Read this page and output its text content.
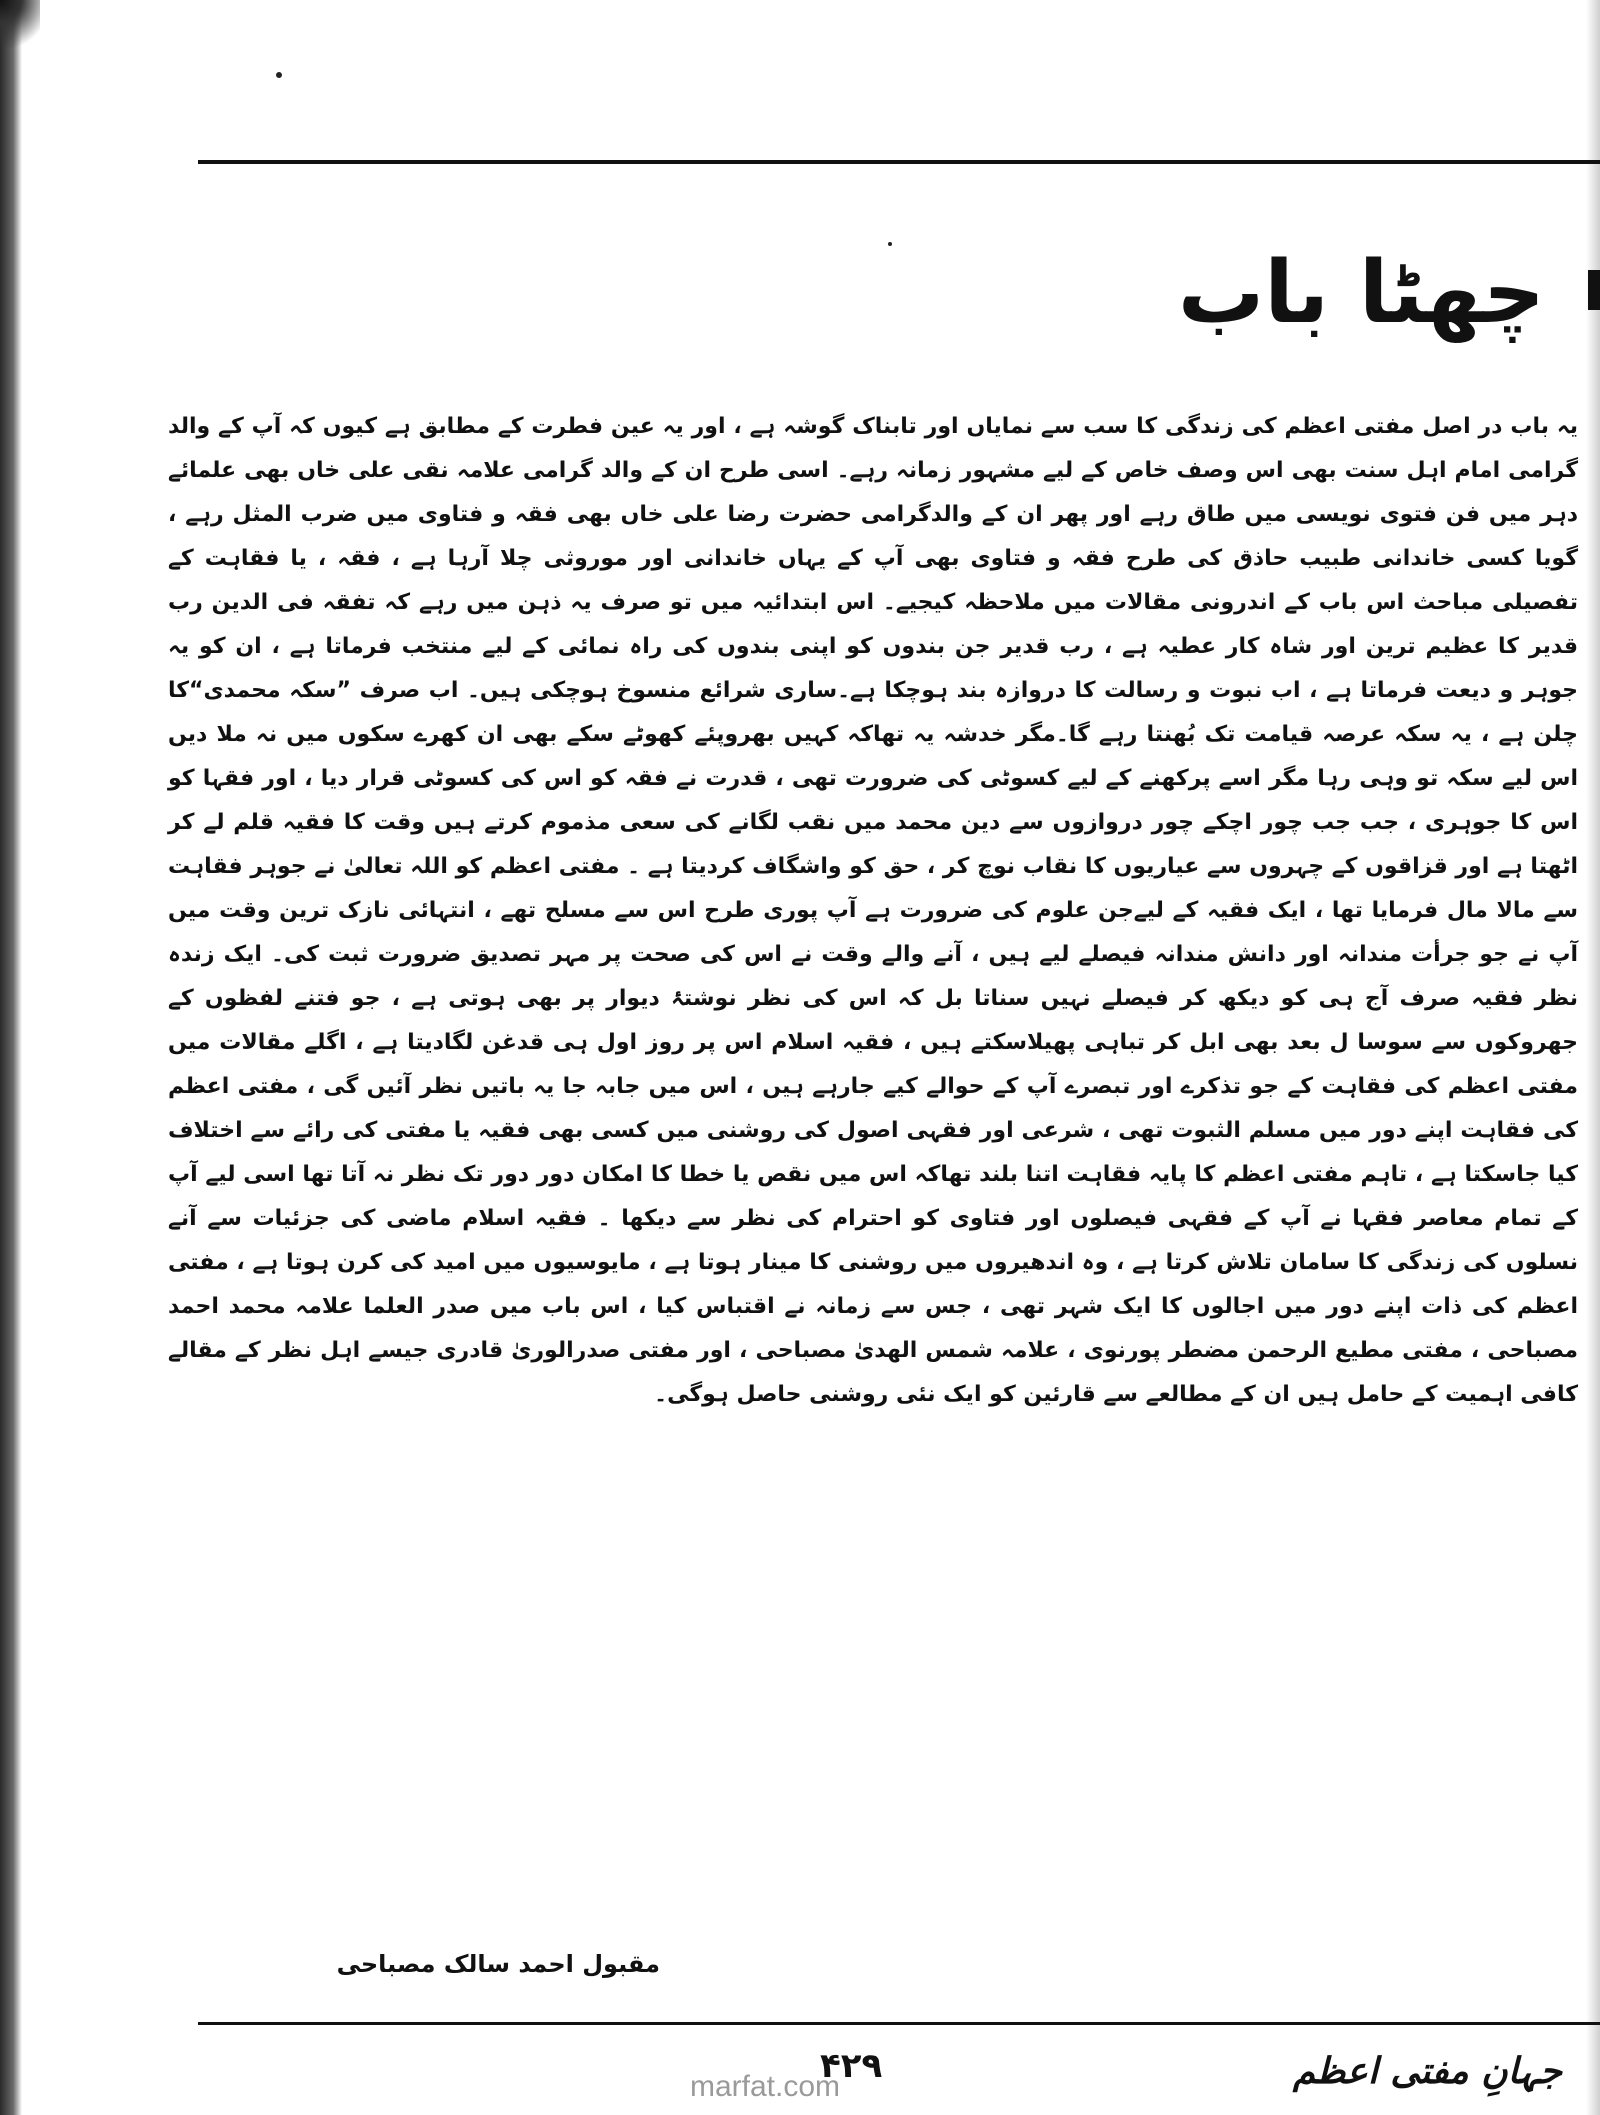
چھٹا باب

یہ باب در اصل مفتی اعظم کی زندگی کا سب سے نمایاں اور تابناک گوشہ ہے ، اور یہ عین فطرت کے مطابق ہے کیوں کہ آپ کے والد گرامی امام اہل سنت بھی اس وصف خاص کے لیے مشہور زمانہ رہے۔ اسی طرح ان کے والد گرامی علامہ نقی علی خاں بھی علمائے دہر میں فن فتوی نویسی میں طاق رہے اور پھر ان کے والدگرامی حضرت رضا علی خاں بھی فقہ و فتاوی میں ضرب المثل رہے ، گویا کسی خاندانی طبیب حاذق کی طرح فقہ و فتاوی بھی آپ کے یہاں خاندانی اور موروثی چلا آرہا ہے ، فقہ ، یا فقاہت کے تفصیلی مباحث اس باب کے اندرونی مقالات میں ملاحظہ کیجیے۔ اس ابتدائیہ میں تو صرف یہ ذہن میں رہے کہ تفقہ فی الدین رب قدیر کا عظیم ترین اور شاہ کار عطیہ ہے ، رب قدیر جن بندوں کو اپنی بندوں کی راہ نمائی کے لیے منتخب فرماتا ہے ، ان کو یہ جوہر و دیعت فرماتا ہے ، اب نبوت و رسالت کا دروازہ بند ہوچکا ہے۔ساری شرائع منسوخ ہوچکی ہیں۔ اب صرف ”سکہ محمدی“کا چلن ہے ، یہ سکہ عرصہ قیامت تک بُھنتا رہے گا۔مگر خدشہ یہ تھاکہ کہیں بھروپئے کھوٹے سکے بھی ان کھرے سکوں میں نہ ملا دیں اس لیے سکہ تو وہی رہا مگر اسے پرکھنے کے لیے کسوٹی کی ضرورت تھی ، قدرت نے فقہ کو اس کی کسوٹی قرار دیا ، اور فقہا کو اس کا جوہری ، جب جب چور اچکے چور دروازوں سے دین محمد میں نقب لگانے کی سعی مذموم کرتے ہیں وقت کا فقیہ قلم لے کر اٹھتا ہے اور قزاقوں کے چہروں سے عیاریوں کا نقاب نوچ کر ، حق کو واشگاف کردیتا ہے ۔ مفتی اعظم کو اللہ تعالیٰ نے جوہر فقاہت سے مالا مال فرمایا تھا ، ایک فقیہ کے لیےجن علوم کی ضرورت ہے آپ پوری طرح اس سے مسلح تھے ، انتہائی نازک ترین وقت میں آپ نے جو جرأت مندانہ اور دانش مندانہ فیصلے لیے ہیں ، آنے والے وقت نے اس کی صحت پر مہر تصدیق ضرورت ثبت کی۔ ایک زندہ نظر فقیہ صرف آج ہی کو دیکھ کر فیصلے نہیں سناتا بل کہ اس کی نظر نوشتۂ دیوار پر بھی ہوتی ہے ، جو فتنے لفظوں کے جھروکوں سے سوسا ل بعد بھی ابل کر تباہی پھیلاسکتے ہیں ، فقیہ اسلام اس پر روز اول ہی قدغن لگادیتا ہے ، اگلے مقالات میں مفتی اعظم کی فقاہت کے جو تذکرے اور تبصرے آپ کے حوالے کیے جارہے ہیں ، اس میں جابہ جا یہ باتیں نظر آئیں گی ، مفتی اعظم کی فقاہت اپنے دور میں مسلم الثبوت تھی ، شرعی اور فقہی اصول کی روشنی میں کسی بھی فقیہ یا مفتی کی رائے سے اختلاف کیا جاسکتا ہے ، تاہم مفتی اعظم کا پایہ فقاہت اتنا بلند تھاکہ اس میں نقص یا خطا کا امکان دور دور تک نظر نہ آتا تھا اسی لیے آپ کے تمام معاصر فقہا نے آپ کے فقہی فیصلوں اور فتاوی کو احترام کی نظر سے دیکھا ۔ فقیہ اسلام ماضی کی جزئیات سے آنے نسلوں کی زندگی کا سامان تلاش کرتا ہے ، وہ اندھیروں میں روشنی کا مینار ہوتا ہے ، مایوسیوں میں امید کی کرن ہوتا ہے ، مفتی اعظم کی ذات اپنے دور میں اجالوں کا ایک شہر تھی ، جس سے زمانہ نے اقتباس کیا ، اس باب میں صدر العلما علامہ محمد احمد مصباحی ، مفتی مطیع الرحمن مضطر پورنوی ، علامہ شمس الھدیٰ مصباحی ، اور مفتی صدرالوریٰ قادری جیسے اہل نظر کے مقالے کافی اہمیت کے حامل ہیں ان کے مطالعے سے قارئین کو ایک نئی روشنی حاصل ہوگی۔

مقبول احمد سالک مصباحی
جہانِ مفتی اعظم
۴۲۹
marfat.com
